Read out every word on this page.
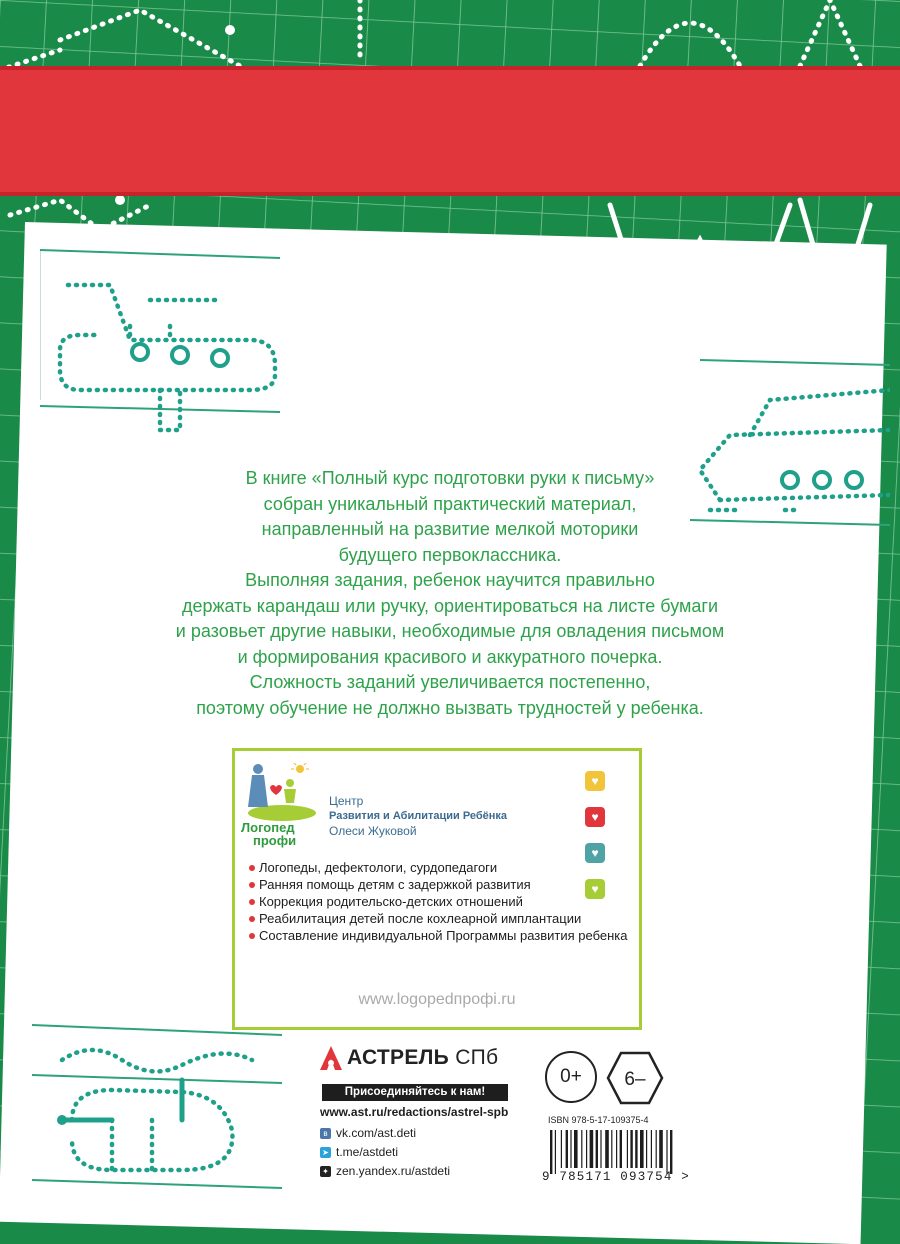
В книге «Полный курс подготовки руки к письму»
собран уникальный практический материал,
направленный на развитие мелкой моторики
будущего первоклассника.
Выполняя задания, ребенок научится правильно
держать карандаш или ручку, ориентироваться на листе бумаги
и разовьет другие навыки, необходимые для овладения письмом
и формирования красивого и аккуратного почерка.
Сложность заданий увеличивается постепенно,
поэтому обучение не должно вызвать трудностей у ребенка.

Логопед
профи
Центр
Развития и Абилитации Ребёнка
Олеси Жуковой
♥
♥
♥
♥
Логопеды, дефектологи, сурдопедагоги
Ранняя помощь детям с задержкой развития
Коррекция родительско-детских отношений
Реабилитация детей после кохлеарной имплантации
Составление индивидуальной Программы развития ребенка
www.logopedпрофi.ru
АСТРЕЛЬ СПб
Присоединяйтесь к нам!
www.ast.ru/redactions/astrel-spb
в vk.com/ast.deti
➤ t.me/astdeti
✦ zen.yandex.ru/astdeti
0+	6–
ISBN 978-5-17-109375-4
9 785171 093754 >
